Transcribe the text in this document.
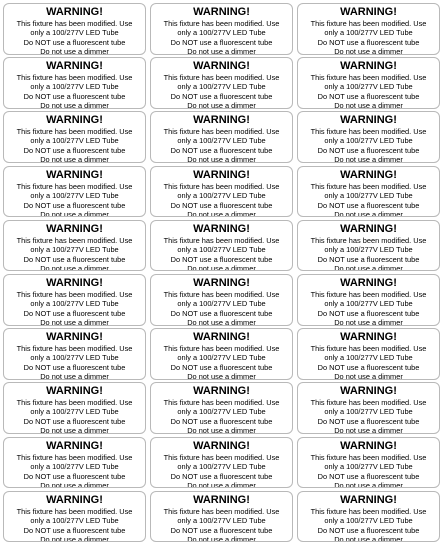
WARNING!
This fixture has been modified. Use
only a 100/277V LED Tube
Do NOT use a fluorescent tube
Do not use a dimmer
WARNING!
This fixture has been modified. Use
only a 100/277V LED Tube
Do NOT use a fluorescent tube
Do not use a dimmer
WARNING!
This fixture has been modified. Use
only a 100/277V LED Tube
Do NOT use a fluorescent tube
Do not use a dimmer
WARNING!
This fixture has been modified. Use
only a 100/277V LED Tube
Do NOT use a fluorescent tube
Do not use a dimmer
WARNING!
This fixture has been modified. Use
only a 100/277V LED Tube
Do NOT use a fluorescent tube
Do not use a dimmer
WARNING!
This fixture has been modified. Use
only a 100/277V LED Tube
Do NOT use a fluorescent tube
Do not use a dimmer
WARNING!
This fixture has been modified. Use
only a 100/277V LED Tube
Do NOT use a fluorescent tube
Do not use a dimmer
WARNING!
This fixture has been modified. Use
only a 100/277V LED Tube
Do NOT use a fluorescent tube
Do not use a dimmer
WARNING!
This fixture has been modified. Use
only a 100/277V LED Tube
Do NOT use a fluorescent tube
Do not use a dimmer
WARNING!
This fixture has been modified. Use
only a 100/277V LED Tube
Do NOT use a fluorescent tube
Do not use a dimmer
WARNING!
This fixture has been modified. Use
only a 100/277V LED Tube
Do NOT use a fluorescent tube
Do not use a dimmer
WARNING!
This fixture has been modified. Use
only a 100/277V LED Tube
Do NOT use a fluorescent tube
Do not use a dimmer
WARNING!
This fixture has been modified. Use
only a 100/277V LED Tube
Do NOT use a fluorescent tube
Do not use a dimmer
WARNING!
This fixture has been modified. Use
only a 100/277V LED Tube
Do NOT use a fluorescent tube
Do not use a dimmer
WARNING!
This fixture has been modified. Use
only a 100/277V LED Tube
Do NOT use a fluorescent tube
Do not use a dimmer
WARNING!
This fixture has been modified. Use
only a 100/277V LED Tube
Do NOT use a fluorescent tube
Do not use a dimmer
WARNING!
This fixture has been modified. Use
only a 100/277V LED Tube
Do NOT use a fluorescent tube
Do not use a dimmer
WARNING!
This fixture has been modified. Use
only a 100/277V LED Tube
Do NOT use a fluorescent tube
Do not use a dimmer
WARNING!
This fixture has been modified. Use
only a 100/277V LED Tube
Do NOT use a fluorescent tube
Do not use a dimmer
WARNING!
This fixture has been modified. Use
only a 100/277V LED Tube
Do NOT use a fluorescent tube
Do not use a dimmer
WARNING!
This fixture has been modified. Use
only a 100/277V LED Tube
Do NOT use a fluorescent tube
Do not use a dimmer
WARNING!
This fixture has been modified. Use
only a 100/277V LED Tube
Do NOT use a fluorescent tube
Do not use a dimmer
WARNING!
This fixture has been modified. Use
only a 100/277V LED Tube
Do NOT use a fluorescent tube
Do not use a dimmer
WARNING!
This fixture has been modified. Use
only a 100/277V LED Tube
Do NOT use a fluorescent tube
Do not use a dimmer
WARNING!
This fixture has been modified. Use
only a 100/277V LED Tube
Do NOT use a fluorescent tube
Do not use a dimmer
WARNING!
This fixture has been modified. Use
only a 100/277V LED Tube
Do NOT use a fluorescent tube
Do not use a dimmer
WARNING!
This fixture has been modified. Use
only a 100/277V LED Tube
Do NOT use a fluorescent tube
Do not use a dimmer
WARNING!
This fixture has been modified. Use
only a 100/277V LED Tube
Do NOT use a fluorescent tube
Do not use a dimmer
WARNING!
This fixture has been modified. Use
only a 100/277V LED Tube
Do NOT use a fluorescent tube
Do not use a dimmer
WARNING!
This fixture has been modified. Use
only a 100/277V LED Tube
Do NOT use a fluorescent tube
Do not use a dimmer
